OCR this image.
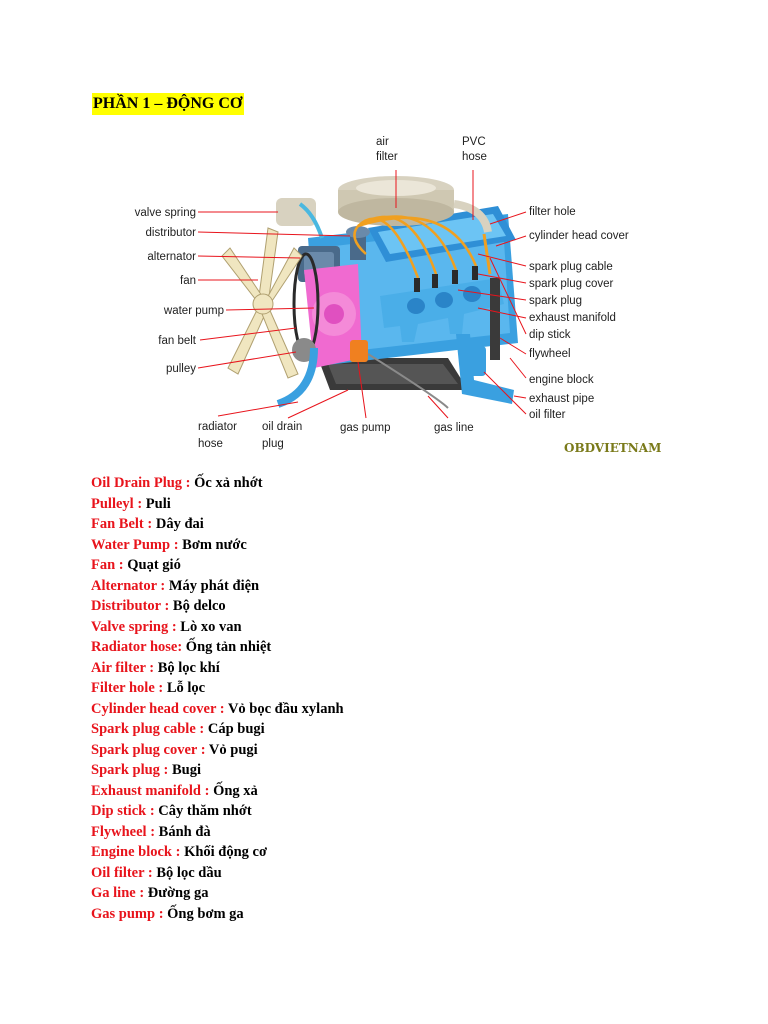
PHẦN 1 – ĐỘNG CƠ
air
filter
PVC
hose
valve spring
distributor
alternator
fan
water pump
fan belt
pulley
filter hole
cylinder head cover
spark plug cable
spark plug cover
spark plug
exhaust manifold
dip stick
flywheel
engine block
exhaust pipe
oil filter
radiator
hose
oil drain
plug
gas pump	gas line
OBDVIETNAM
Oil Drain Plug : Ốc xả nhớt
Pulleyl : Puli
Fan Belt : Dây đai
Water Pump : Bơm nước
Fan : Quạt gió
Alternator : Máy phát điện
Distributor : Bộ delco
Valve spring : Lò xo van
Radiator hose: Ống tản nhiệt
Air filter : Bộ lọc khí
Filter hole : Lỗ lọc
Cylinder head cover : Vỏ bọc đầu xylanh
Spark plug cable : Cáp bugi
Spark plug cover : Vỏ pugi
Spark plug : Bugi
Exhaust manifold : Ống xả
Dip stick : Cây thăm nhớt
Flywheel : Bánh đà
Engine block : Khối động cơ
Oil filter : Bộ lọc dầu
Ga line : Đường ga
Gas pump : Ống bơm ga
